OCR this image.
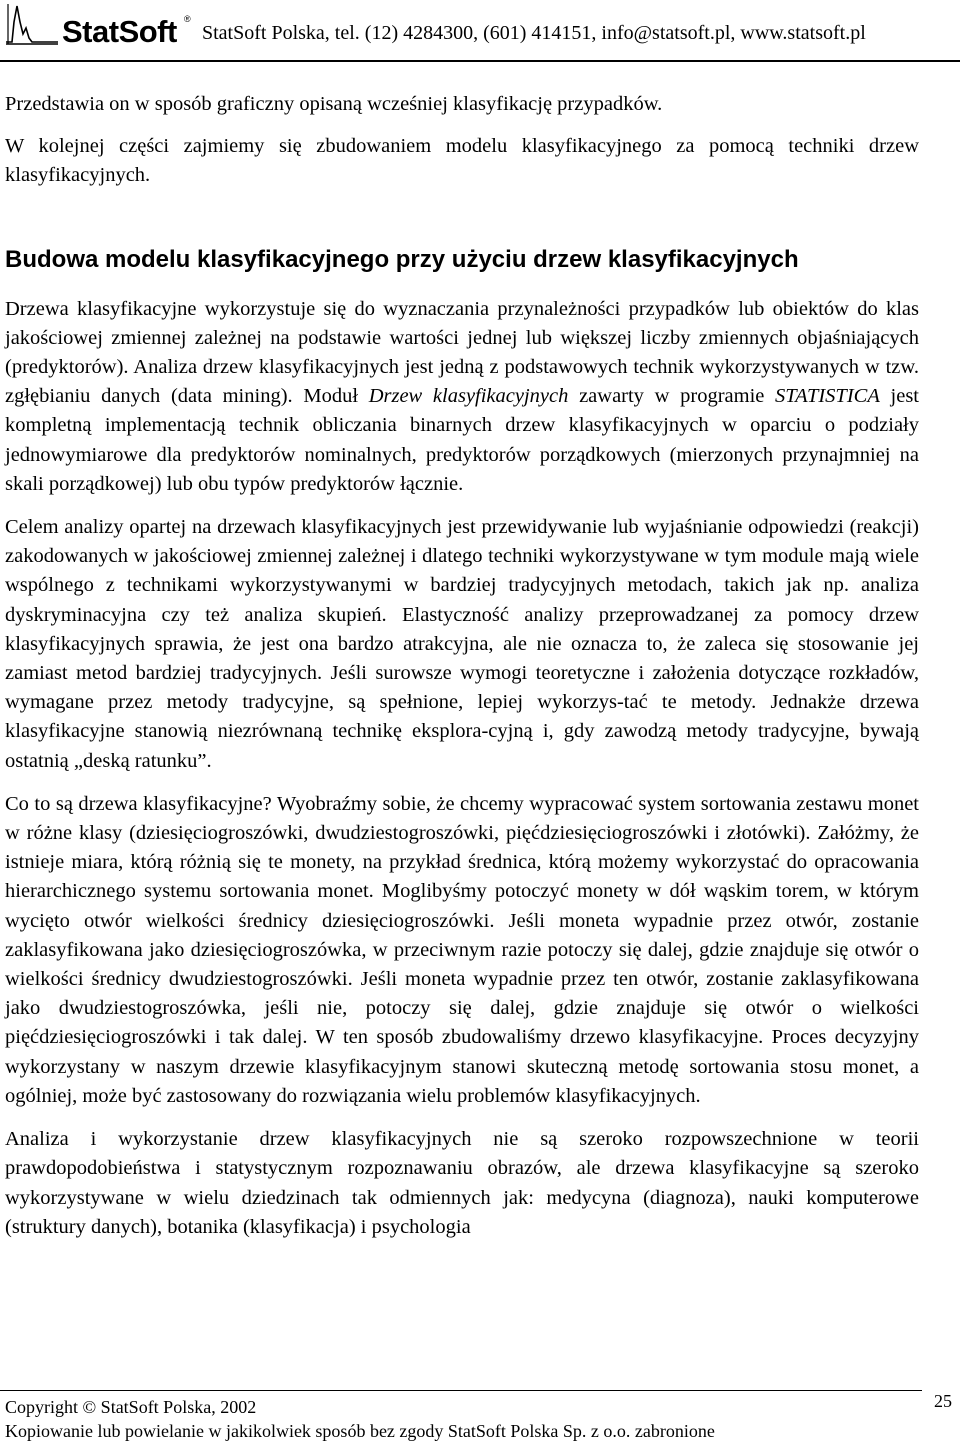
StatSoft ®
StatSoft Polska, tel. (12) 4284300, (601) 414151, info@statsoft.pl, www.statsoft.pl

Przedstawia on w sposób graficzny opisaną wcześniej klasyfikację przypadków.

W kolejnej części zajmiemy się zbudowaniem modelu klasyfikacyjnego za pomocą techniki drzew klasyfikacyjnych.

Budowa modelu klasyfikacyjnego przy użyciu drzew klasyfikacyjnych

Drzewa klasyfikacyjne wykorzystuje się do wyznaczania przynależności przypadków lub obiektów do klas jakościowej zmiennej zależnej na podstawie wartości jednej lub większej liczby zmiennych objaśniających (predyktorów). Analiza drzew klasyfikacyjnych jest jedną z podstawowych technik wykorzystywanych w tzw. zgłębianiu danych (data mining). Moduł Drzew klasyfikacyjnych zawarty w programie STATISTICA jest kompletną implementacją technik obliczania binarnych drzew klasyfikacyjnych w oparciu o podziały jednowymiarowe dla predyktorów nominalnych, predyktorów porządkowych (mierzonych przynajmniej na skali porządkowej) lub obu typów predyktorów łącznie.

Celem analizy opartej na drzewach klasyfikacyjnych jest przewidywanie lub wyjaśnianie odpowiedzi (reakcji) zakodowanych w jakościowej zmiennej zależnej i dlatego techniki wykorzystywane w tym module mają wiele wspólnego z technikami wykorzystywanymi w bardziej tradycyjnych metodach, takich jak np. analiza dyskryminacyjna czy też analiza skupień. Elastyczność analizy przeprowadzanej za pomocy drzew klasyfikacyjnych sprawia, że jest ona bardzo atrakcyjna, ale nie oznacza to, że zaleca się stosowanie jej zamiast metod bardziej tradycyjnych. Jeśli surowsze wymogi teoretyczne i założenia dotyczące rozkładów, wymagane przez metody tradycyjne, są spełnione, lepiej wykorzys-tać te metody. Jednakże drzewa klasyfikacyjne stanowią niezrównaną technikę eksplora-cyjną i, gdy zawodzą metody tradycyjne, bywają ostatnią „deską ratunku”.

Co to są drzewa klasyfikacyjne? Wyobraźmy sobie, że chcemy wypracować system sortowania zestawu monet w różne klasy (dziesięciogroszówki, dwudziestogroszówki, pięćdziesięciogroszówki i złotówki). Załóżmy, że istnieje miara, którą różnią się te monety, na przykład średnica, którą możemy wykorzystać do opracowania hierarchicznego systemu sortowania monet. Moglibyśmy potoczyć monety w dół wąskim torem, w którym wycięto otwór wielkości średnicy dziesięciogroszówki. Jeśli moneta wypadnie przez otwór, zostanie zaklasyfikowana jako dziesięciogroszówka, w przeciwnym razie potoczy się dalej, gdzie znajduje się otwór o wielkości średnicy dwudziestogroszówki. Jeśli moneta wypadnie przez ten otwór, zostanie zaklasyfikowana jako dwudziestogroszówka, jeśli nie, potoczy się dalej, gdzie znajduje się otwór o wielkości pięćdziesięciogroszówki i tak dalej. W ten sposób zbudowaliśmy drzewo klasyfikacyjne. Proces decyzyjny wykorzystany w naszym drzewie klasyfikacyjnym stanowi skuteczną metodę sortowania stosu monet, a ogólniej, może być zastosowany do rozwiązania wielu problemów klasyfikacyjnych.

Analiza i wykorzystanie drzew klasyfikacyjnych nie są szeroko rozpowszechnione w teorii prawdopodobieństwa i statystycznym rozpoznawaniu obrazów, ale drzewa klasyfikacyjne są szeroko wykorzystywane w wielu dziedzinach tak odmiennych jak: medycyna (diagnoza), nauki komputerowe (struktury danych), botanika (klasyfikacja) i psychologia

Copyright © StatSoft Polska, 2002
Kopiowanie lub powielanie w jakikolwiek sposób bez zgody StatSoft Polska Sp. z o.o. zabronione
25
